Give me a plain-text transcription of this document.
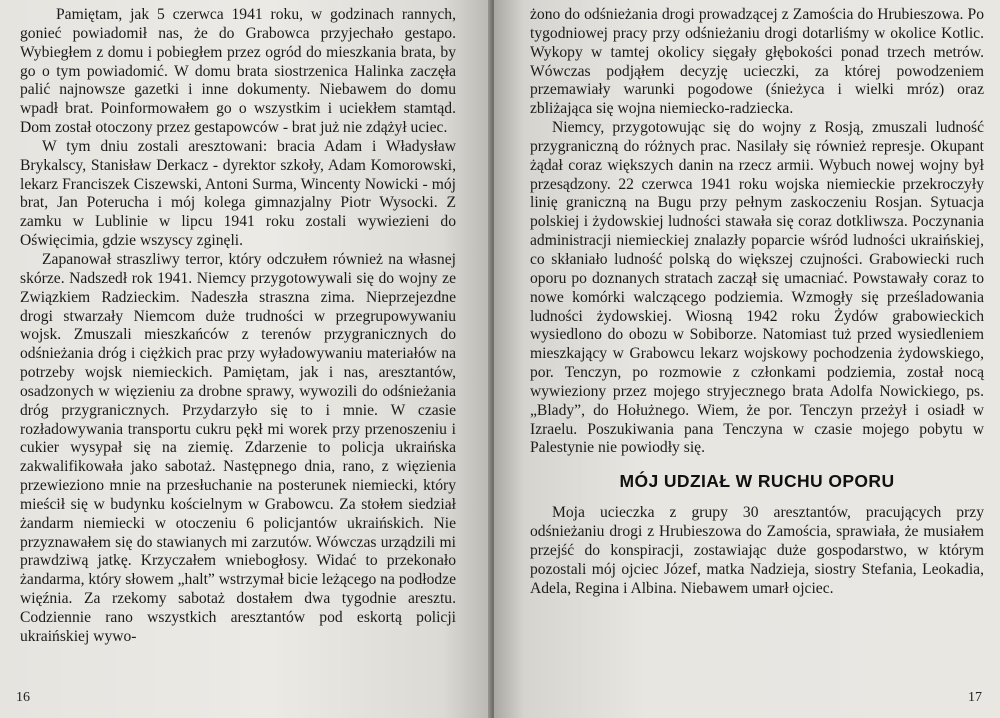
Pamiętam, jak 5 czerwca 1941 roku, w godzinach rannych, gonieć powiadomił nas, że do Grabowca przyjechało gestapo. Wybiegłem z domu i pobiegłem przez ogród do mieszkania brata, by go o tym powiadomić. W domu brata siostrzenica Halinka zaczęła palić najnowsze gazetki i inne dokumenty. Niebawem do domu wpadł brat. Poinformowałem go o wszystkim i uciekłem stamtąd. Dom został otoczony przez gestapowców - brat już nie zdążył uciec.

W tym dniu zostali aresztowani: bracia Adam i Władysław Brykalscy, Stanisław Derkacz - dyrektor szkoły, Adam Komorowski, lekarz Franciszek Ciszewski, Antoni Surma, Wincenty Nowicki - mój brat, Jan Poterucha i mój kolega gimnazjalny Piotr Wysocki. Z zamku w Lublinie w lipcu 1941 roku zostali wywiezieni do Oświęcimia, gdzie wszyscy zginęli.

Zapanował straszliwy terror, który odczułem również na własnej skórze. Nadszedł rok 1941. Niemcy przygotowywali się do wojny ze Związkiem Radzieckim. Nadeszła straszna zima. Nieprzejezdne drogi stwarzały Niemcom duże trudności w przegrupowywaniu wojsk. Zmuszali mieszkańców z terenów przygranicznych do odśnieżania dróg i ciężkich prac przy wyładowywaniu materiałów na potrzeby wojsk niemieckich. Pamiętam, jak i nas, aresztantów, osadzonych w więzieniu za drobne sprawy, wywozili do odśnieżania dróg przygranicznych. Przydarzyło się to i mnie. W czasie rozładowywania transportu cukru pękł mi worek przy przenoszeniu i cukier wysypał się na ziemię. Zdarzenie to policja ukraińska zakwalifikowała jako sabotaż. Następnego dnia, rano, z więzienia przewieziono mnie na przesłuchanie na posterunek niemiecki, który mieścił się w budynku kościelnym w Grabowcu. Za stołem siedział żandarm niemiecki w otoczeniu 6 policjantów ukraińskich. Nie przyznawałem się do stawianych mi zarzutów. Wówczas urządzili mi prawdziwą jatkę. Krzyczałem wniebogłosy. Widać to przekonało żandarma, który słowem „halt” wstrzymał bicie leżącego na podłodze więźnia. Za rzekomy sabotaż dostałem dwa tygodnie aresztu. Codziennie rano wszystkich aresztantów pod eskortą policji ukraińskiej wywo-

16

żono do odśnieżania drogi prowadzącej z Zamościa do Hrubieszowa. Po tygodniowej pracy przy odśnieżaniu drogi dotarliśmy w okolice Kotlic. Wykopy w tamtej okolicy sięgały głębokości ponad trzech metrów. Wówczas podjąłem decyzję ucieczki, za której powodzeniem przemawiały warunki pogodowe (śnieżyca i wielki mróz) oraz zbliżająca się wojna niemiecko-radziecka.

Niemcy, przygotowując się do wojny z Rosją, zmuszali ludność przygraniczną do różnych prac. Nasilały się również represje. Okupant żądał coraz większych danin na rzecz armii. Wybuch nowej wojny był przesądzony. 22 czerwca 1941 roku wojska niemieckie przekroczyły linię graniczną na Bugu przy pełnym zaskoczeniu Rosjan. Sytuacja polskiej i żydowskiej ludności stawała się coraz dotkliwsza. Poczynania administracji niemieckiej znalazły poparcie wśród ludności ukraińskiej, co skłaniało ludność polską do większej czujności. Grabowiecki ruch oporu po doznanych stratach zaczął się umacniać. Powstawały coraz to nowe komórki walczącego podziemia. Wzmogły się prześladowania ludności żydowskiej. Wiosną 1942 roku Żydów grabowieckich wysiedlono do obozu w Sobiborze. Natomiast tuż przed wysiedleniem mieszkający w Grabowcu lekarz wojskowy pochodzenia żydowskiego, por. Tenczyn, po rozmowie z członkami podziemia, został nocą wywieziony przez mojego stryjecznego brata Adolfa Nowickiego, ps. „Blady”, do Hołużnego. Wiem, że por. Tenczyn przeżył i osiadł w Izraelu. Poszukiwania pana Tenczyna w czasie mojego pobytu w Palestynie nie powiodły się.

MÓJ UDZIAŁ W RUCHU OPORU

Moja ucieczka z grupy 30 aresztantów, pracujących przy odśnieżaniu drogi z Hrubieszowa do Zamościa, sprawiała, że musiałem przejść do konspiracji, zostawiając duże gospodarstwo, w którym pozostali mój ojciec Józef, matka Nadzieja, siostry Stefania, Leokadia, Adela, Regina i Albina. Niebawem umarł ojciec.

17
